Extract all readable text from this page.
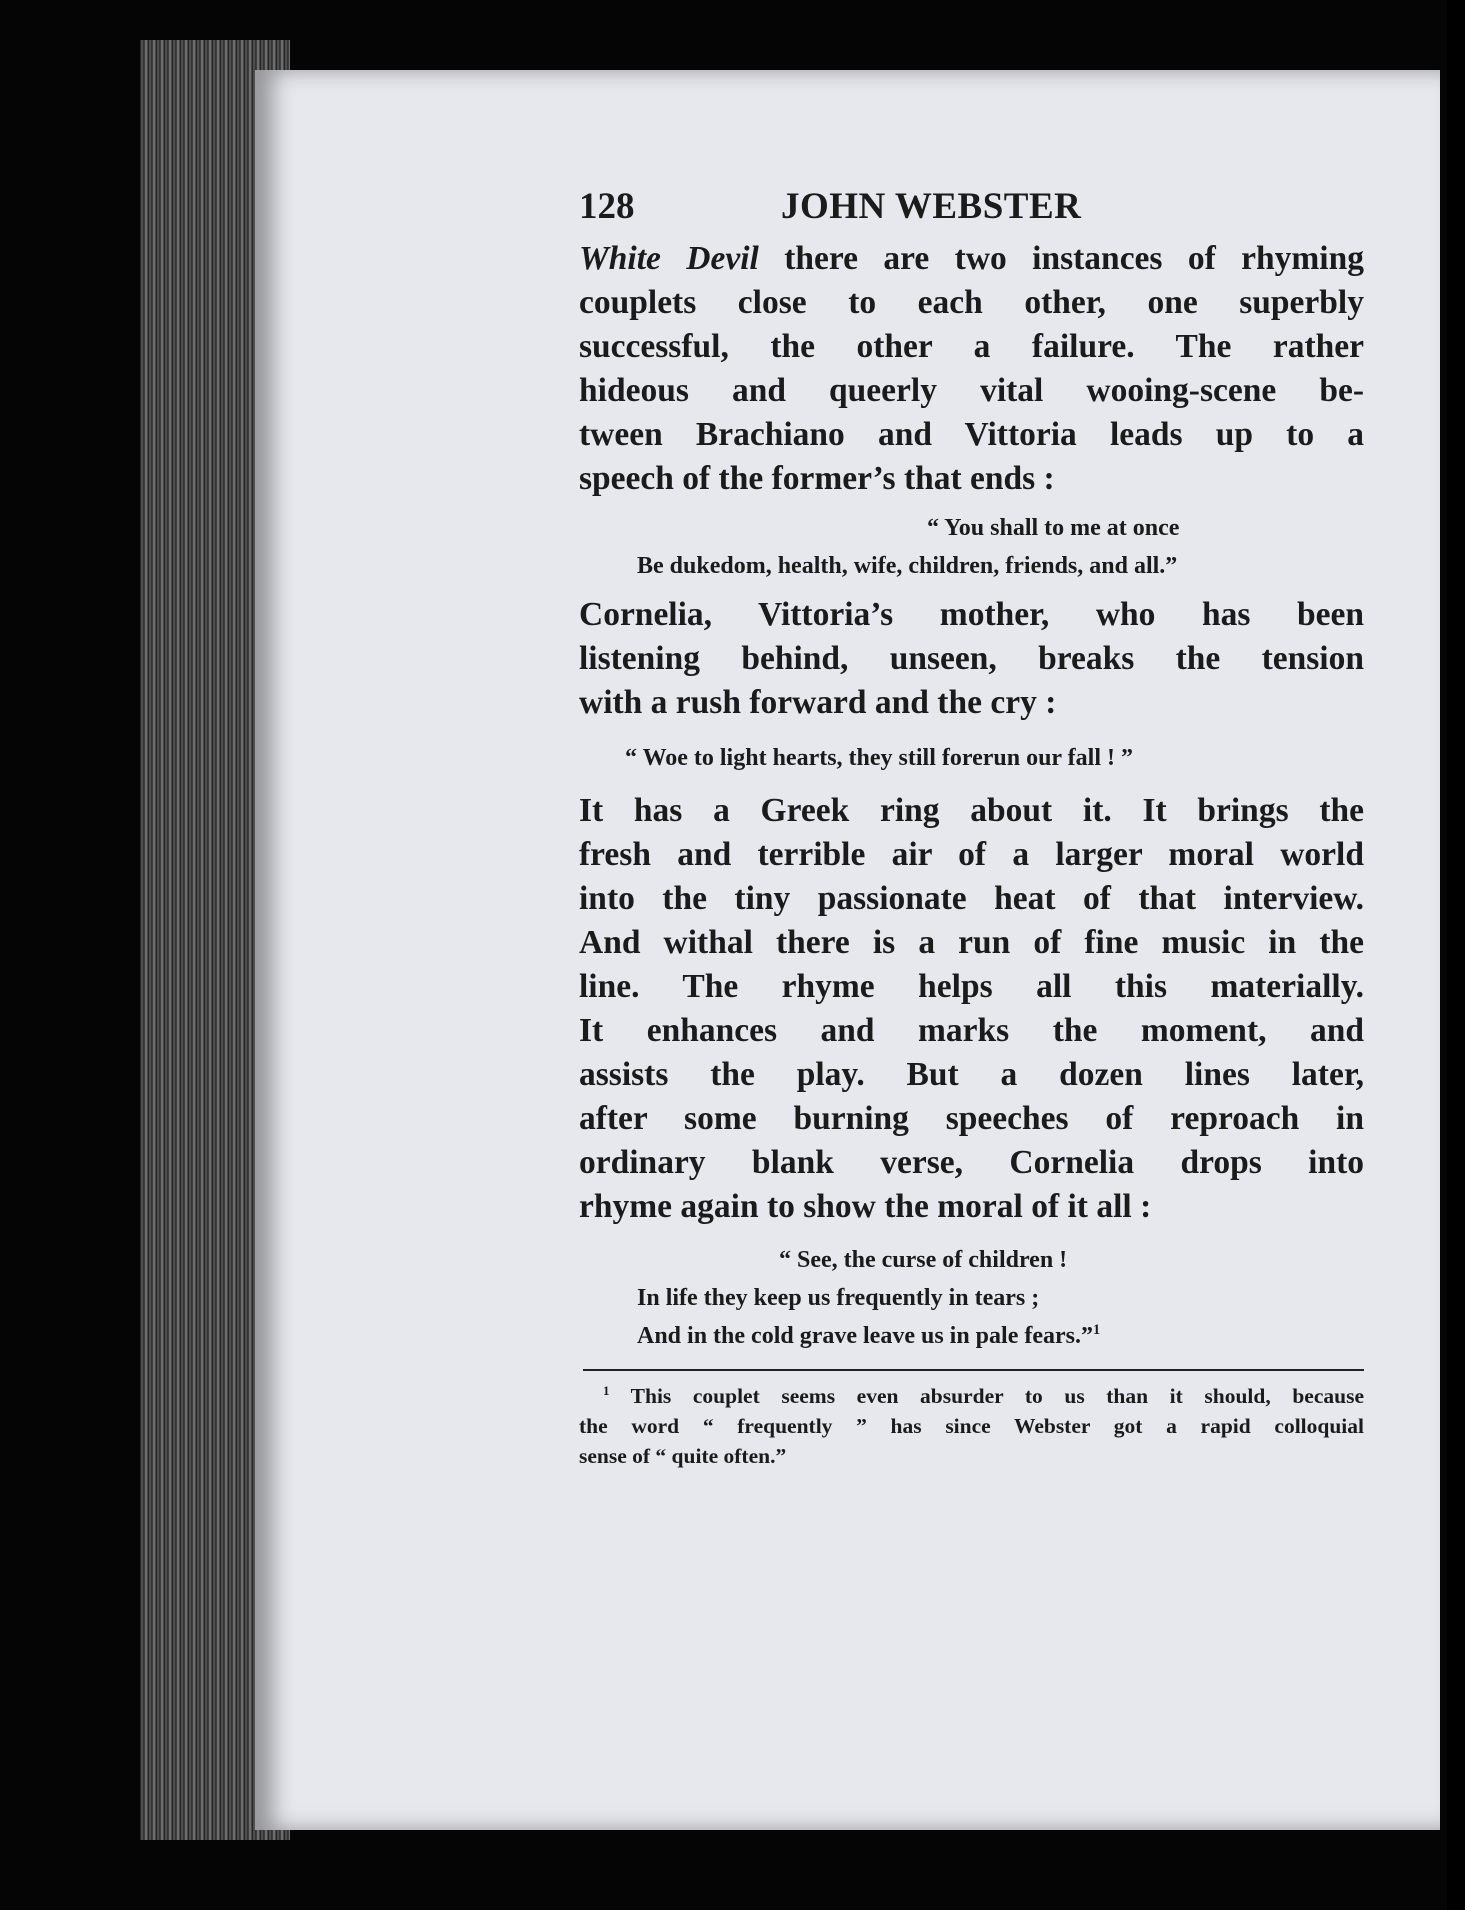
128	JOHN WEBSTER
White Devil there are two instances of rhyming
couplets close to each other, one superbly
successful, the other a failure. The rather
hideous and queerly vital wooing-scene be-
tween Brachiano and Vittoria leads up to a
speech of the former’s that ends :
“ You shall to me at once
Be dukedom, health, wife, children, friends, and all.”
Cornelia, Vittoria’s mother, who has been
listening behind, unseen, breaks the tension
with a rush forward and the cry :
“ Woe to light hearts, they still forerun our fall ! ”
It has a Greek ring about it. It brings the
fresh and terrible air of a larger moral world
into the tiny passionate heat of that interview.
And withal there is a run of fine music in the
line. The rhyme helps all this materially.
It enhances and marks the moment, and
assists the play. But a dozen lines later,
after some burning speeches of reproach in
ordinary blank verse, Cornelia drops into
rhyme again to show the moral of it all :
“ See, the curse of children !
In life they keep us frequently in tears ;
And in the cold grave leave us in pale fears.”$^1$
$^1$ This couplet seems even absurder to us than it should, because
the word “ frequently ” has since Webster got a rapid colloquial
sense of “ quite often.”
